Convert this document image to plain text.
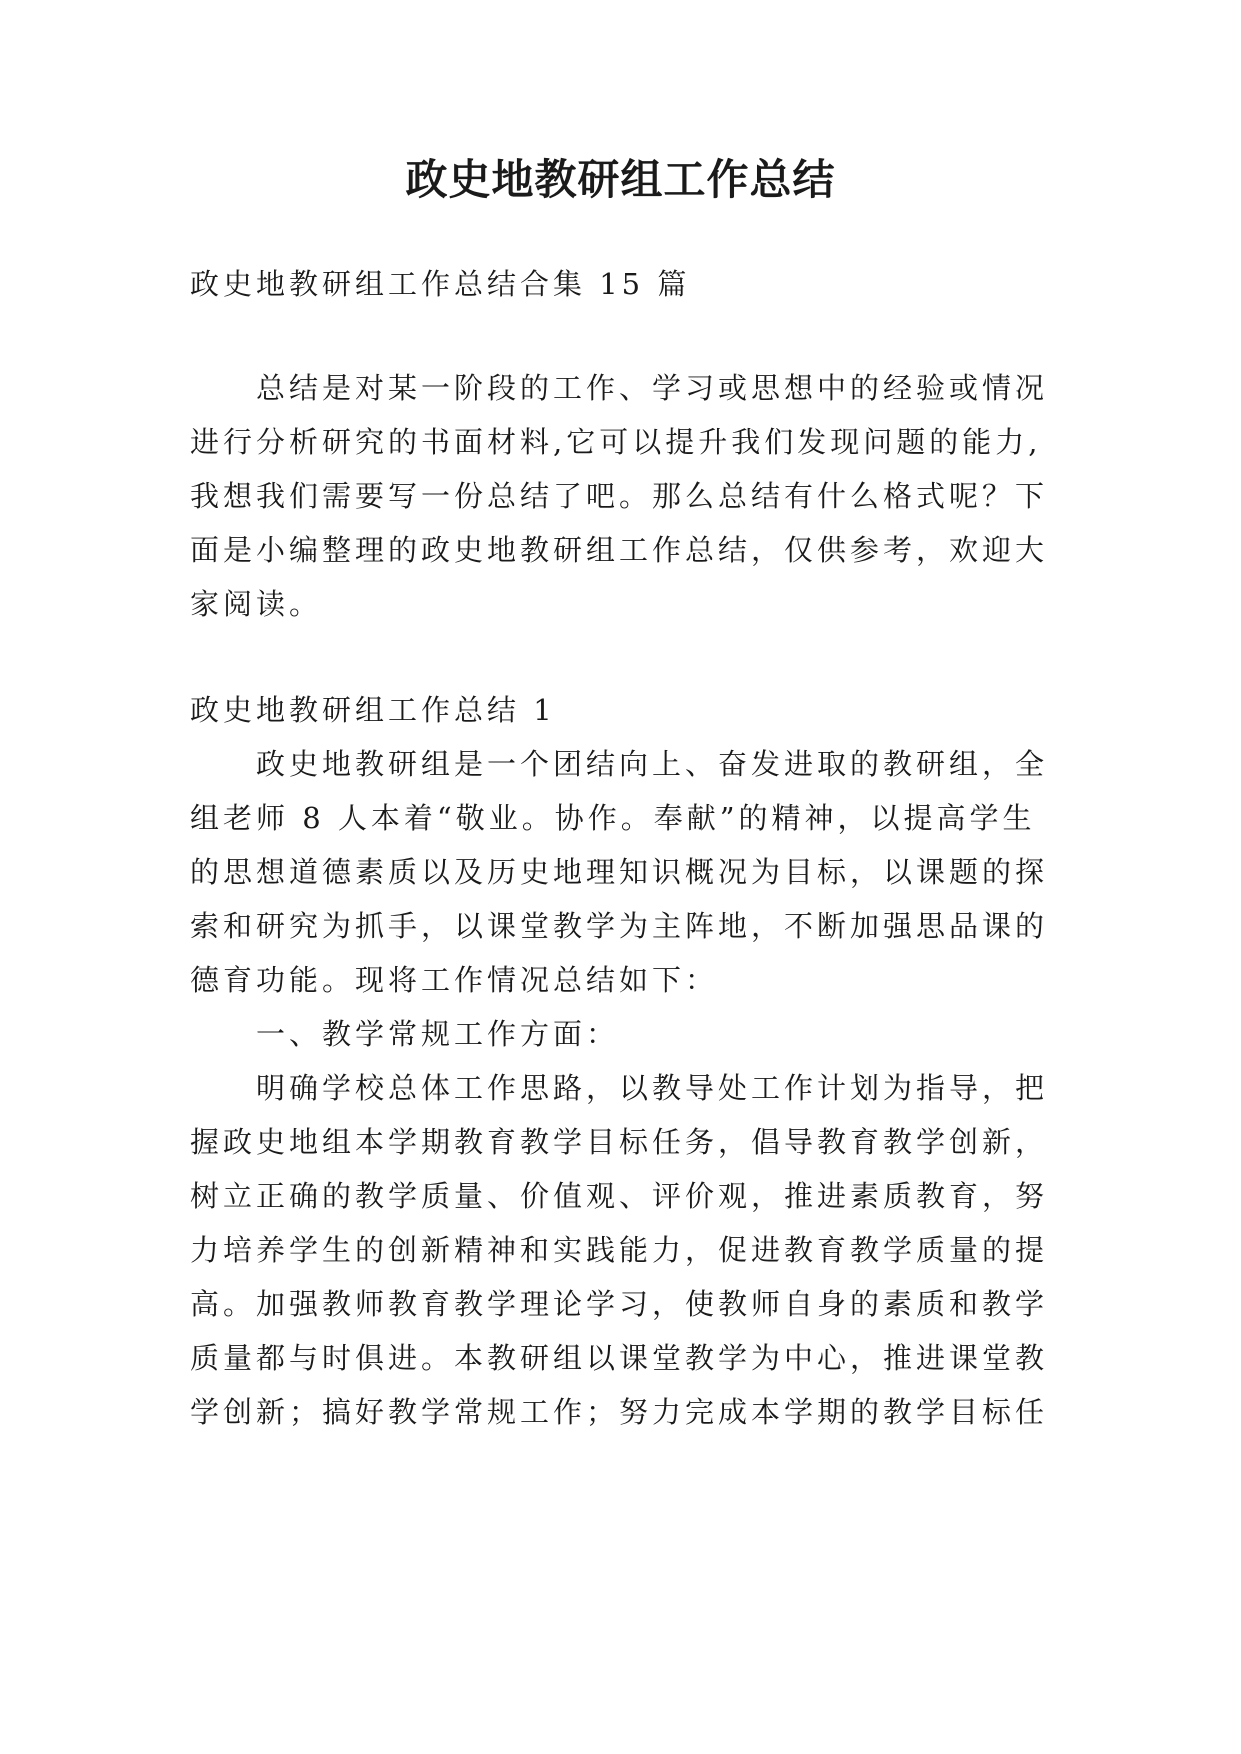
政史地教研组工作总结
政史地教研组工作总结合集 15 篇
　　总结是对某一阶段的工作、学习或思想中的经验或情况
进行分析研究的书面材料,它可以提升我们发现问题的能力,
我想我们需要写一份总结了吧。那么总结有什么格式呢？下
面是小编整理的政史地教研组工作总结，仅供参考，欢迎大
家阅读。
政史地教研组工作总结 1
　　政史地教研组是一个团结向上、奋发进取的教研组，全
组老师 8 人本着“敬业。协作。奉献”的精神，以提高学生
的思想道德素质以及历史地理知识概况为目标，以课题的探
索和研究为抓手，以课堂教学为主阵地，不断加强思品课的
德育功能。现将工作情况总结如下：
　　一、教学常规工作方面：
　　明确学校总体工作思路，以教导处工作计划为指导，把
握政史地组本学期教育教学目标任务，倡导教育教学创新，
树立正确的教学质量、价值观、评价观，推进素质教育，努
力培养学生的创新精神和实践能力，促进教育教学质量的提
高。加强教师教育教学理论学习，使教师自身的素质和教学
质量都与时俱进。本教研组以课堂教学为中心，推进课堂教
学创新；搞好教学常规工作；努力完成本学期的教学目标任
